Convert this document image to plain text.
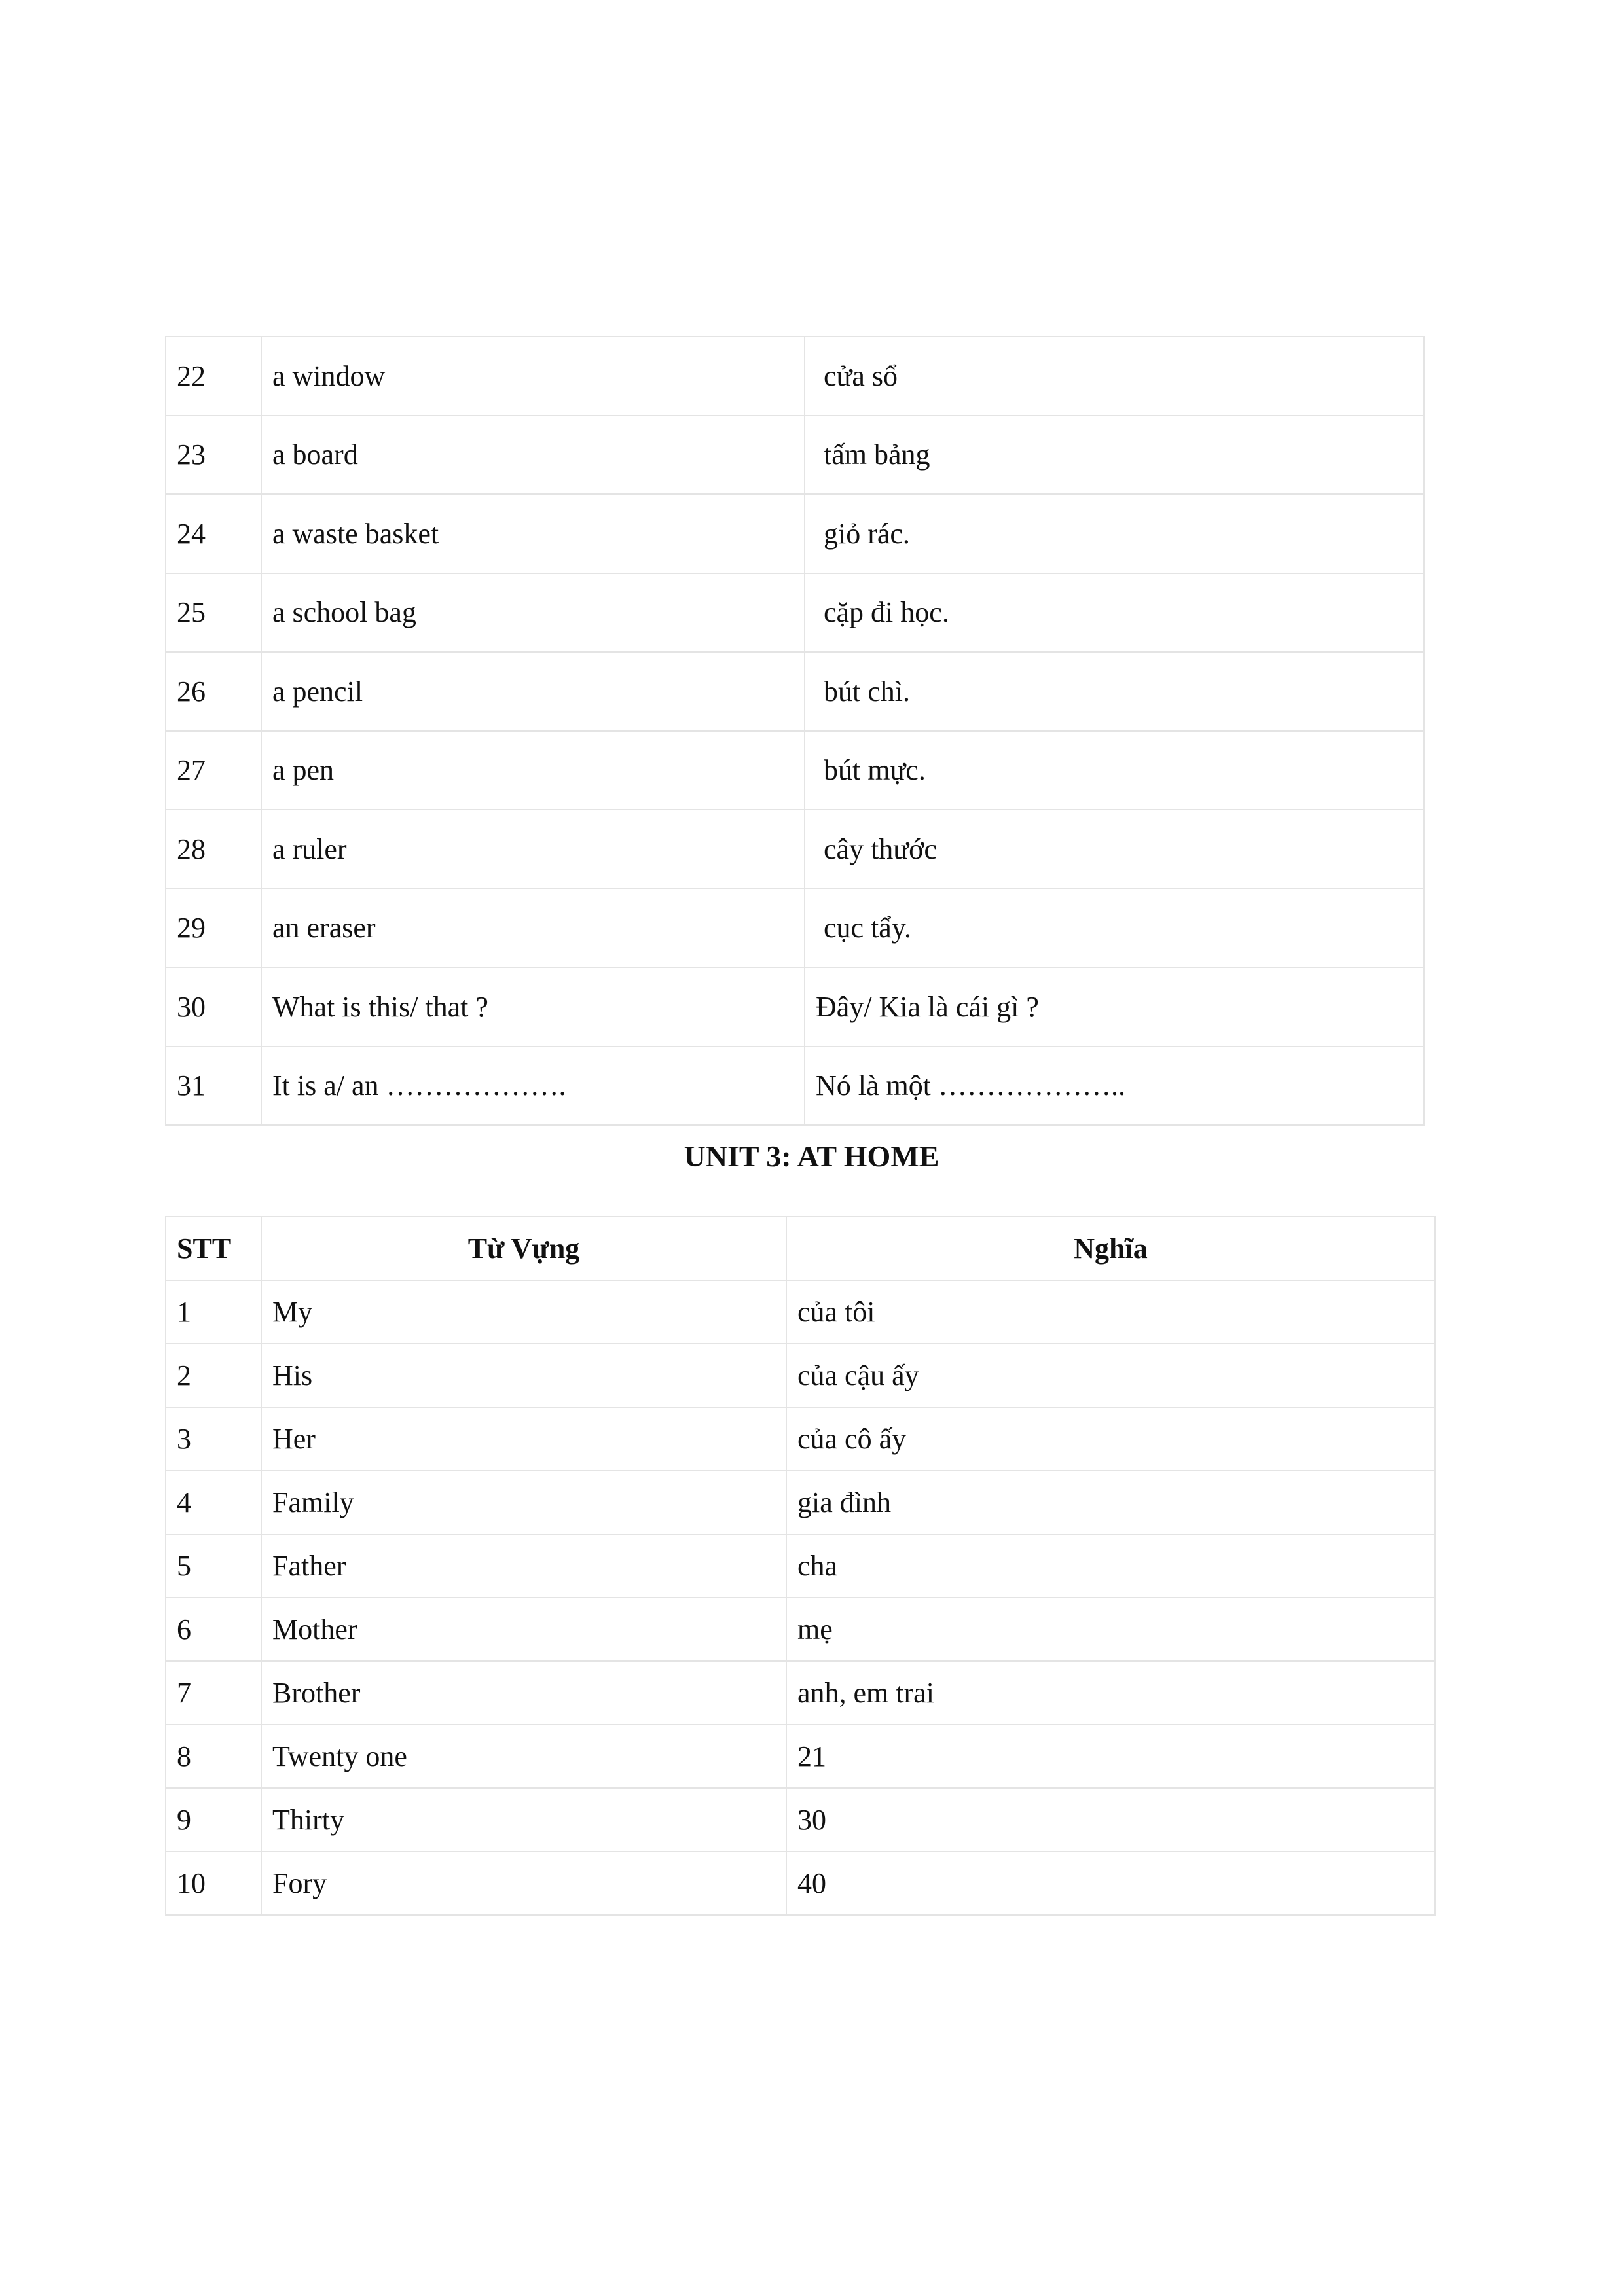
22	a window	cửa sổ
23	a board	tấm bảng
24	a waste basket	giỏ rác.
25	a school bag	cặp đi học.
26	a pencil	bút chì.
27	a pen	bút mực.
28	a ruler	cây thước
29	an eraser	cục tẩy.
30	What is this/ that ?	Đây/ Kia là cái gì ?
31	It is a/ an ……………….	Nó là một ………………..
UNIT 3: AT HOME
STT	Từ Vựng	Nghĩa
1	My	của tôi
2	His	của cậu ấy
3	Her	của cô ấy
4	Family	gia đình
5	Father	cha
6	Mother	mẹ
7	Brother	anh, em trai
8	Twenty one	21
9	Thirty	30
10	Fory	40
